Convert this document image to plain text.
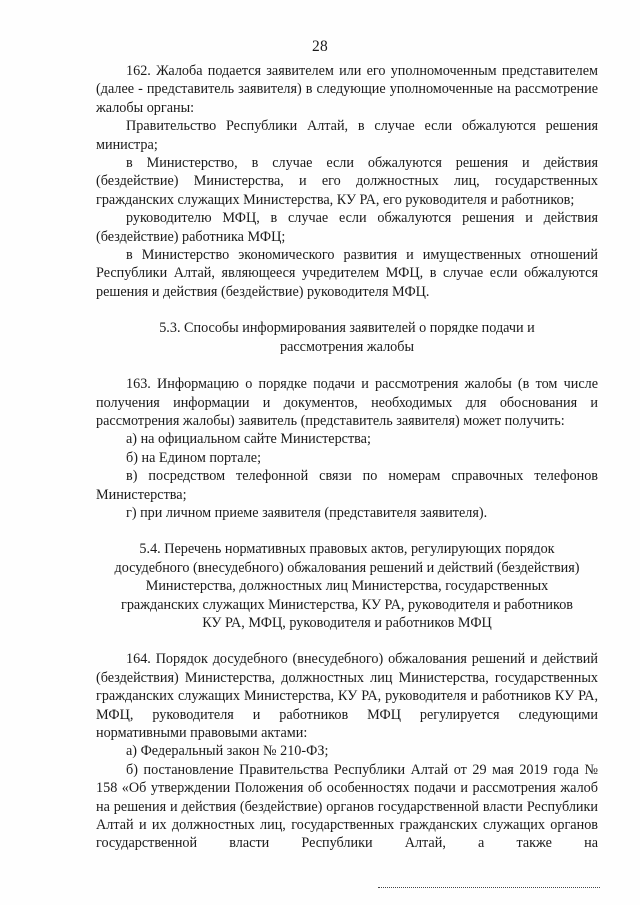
28

162. Жалоба подается заявителем или его уполномоченным представителем (далее - представитель заявителя) в следующие уполномоченные на рассмотрение жалобы органы:

Правительство Республики Алтай, в случае если обжалуются решения министра;

в Министерство, в случае если обжалуются решения и действия (бездействие) Министерства, и его должностных лиц, государственных гражданских служащих Министерства, КУ РА, его руководителя и работников;

руководителю МФЦ, в случае если обжалуются решения и действия (бездействие) работника МФЦ;

в Министерство экономического развития и имущественных отношений Республики Алтай, являющееся учредителем МФЦ, в случае если обжалуются решения и действия (бездействие) руководителя МФЦ.

5.3. Способы информирования заявителей о порядке подачи и

рассмотрения жалобы

163. Информацию о порядке подачи и рассмотрения жалобы (в том числе получения информации и документов, необходимых для обоснования и рассмотрения жалобы) заявитель (представитель заявителя) может получить:

а) на официальном сайте Министерства;

б) на Едином портале;

в) посредством телефонной связи по номерам справочных телефонов Министерства;

г) при личном приеме заявителя (представителя заявителя).

5.4. Перечень нормативных правовых актов, регулирующих порядок

досудебного (внесудебного) обжалования решений и действий (бездействия)

Министерства, должностных лиц Министерства, государственных

гражданских служащих Министерства, КУ РА, руководителя и работников

КУ РА, МФЦ, руководителя и работников МФЦ

164. Порядок досудебного (внесудебного) обжалования решений и действий (бездействия) Министерства, должностных лиц Министерства, государственных гражданских служащих Министерства, КУ РА, руководителя и работников КУ РА, МФЦ, руководителя и работников МФЦ регулируется следующими нормативными правовыми актами:

а) Федеральный закон № 210-ФЗ;

б) постановление Правительства Республики Алтай от 29 мая 2019 года № 158 «Об утверждении Положения об особенностях подачи и рассмотрения жалоб на решения и действия (бездействие) органов государственной власти Республики Алтай и их должностных лиц, государственных гражданских служащих органов государственной власти Республики Алтай, а также на
